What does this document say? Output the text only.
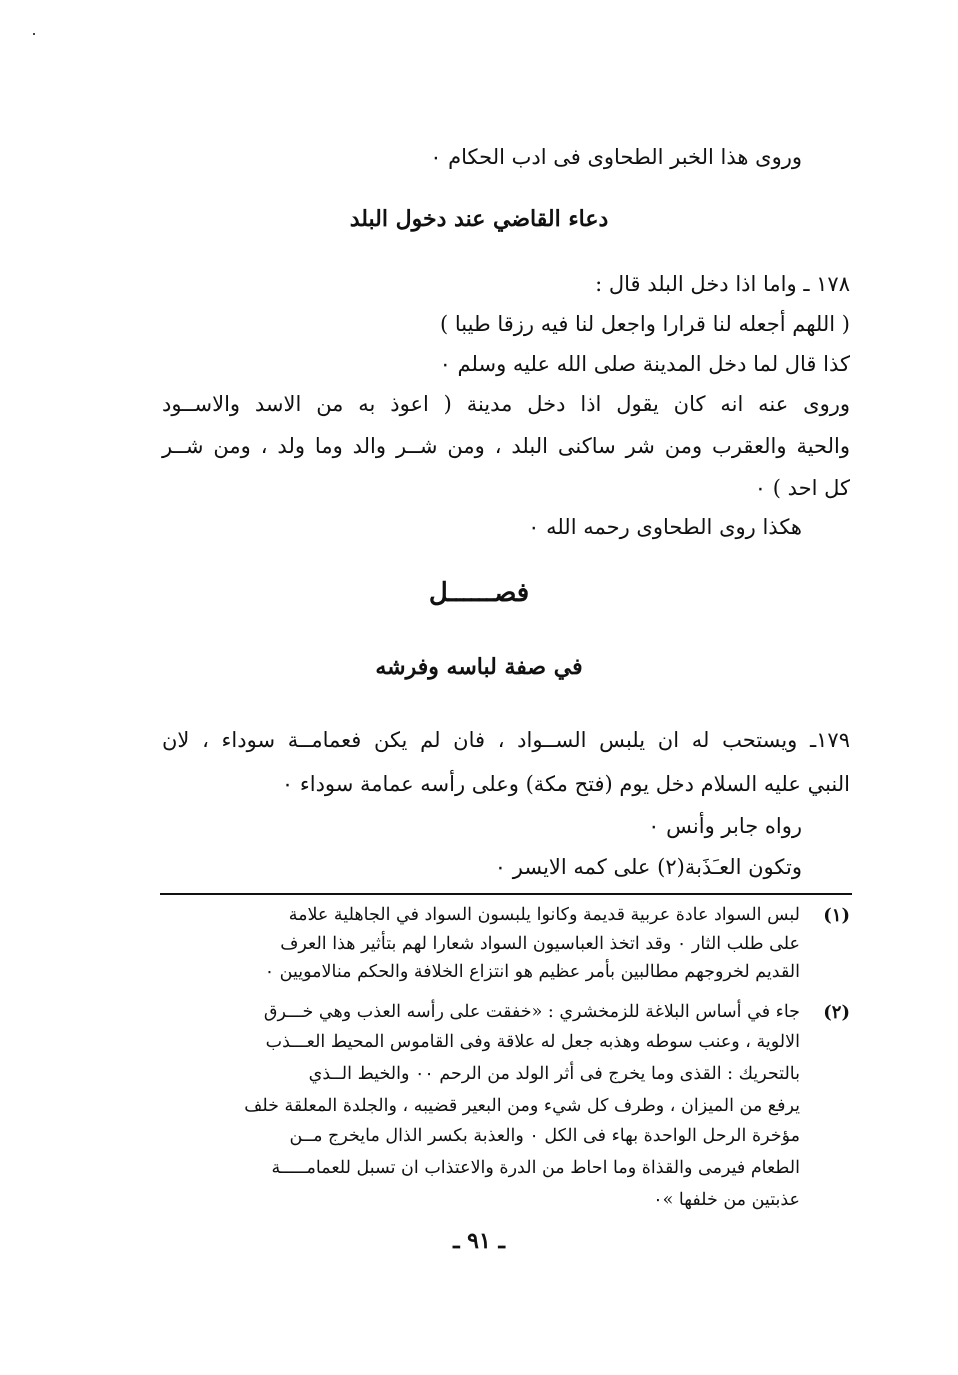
وروى هذا الخبر الطحاوى فى ادب الحكام ٠
دعاء القاضي عند دخول البلد
١٧٨ ـ واما اذا دخل البلد قال :
( اللهم أجعله لنا قرارا واجعل لنا فيه رزقا طيبا )
كذا قال لما دخل المدينة صلى الله عليه وسلم ٠
وروى عنه انه كان يقول اذا دخل مدينة ( اعوذ به من الاسد والاســود
والحية والعقرب ومن شر ساكنى البلد ، ومن شــر والد وما ولد ، ومن شــر
كل احد ) ٠
هكذا روى الطحاوى رحمه الله ٠
فصــــــل
في صفة لباسه وفرشه
١٧٩ـ ويستحب له ان يلبس الســواد ، فان لم يكن فعمامــة سوداء ، لان
النبي عليه السلام دخل يوم (فتح مكة) وعلى رأسه عمامة سوداء ٠
رواه جابر وأنس ٠
وتكون العـَذَبة(٢) على كمه الايسر ٠
(١)
لبس السواد عادة عربية قديمة وكانوا يلبسون السواد في الجاهلية علامة
على طلب الثار ٠ وقد اتخذ العباسيون السواد شعارا لهم بتأثير هذا العرف
القديم لخروجهم مطالبين بأمر عظيم هو انتزاع الخلافة والحكم منالامويين ٠
(٢)
جاء في أساس البلاغة للزمخشري : «خفقت على رأسه العذب وهي خـــرق
الالوية ، وعنب سوطه وهذبه جعل له علاقة وفى القاموس المحيط العـــذب
بالتحريك : القذى وما يخرج فى أثر الولد من الرحم ٠٠ والخيط الــذي
يرفع من الميزان ، وطرف كل شيء ومن البعير قضيبه ، والجلدة المعلقة خلف
مؤخرة الرحل الواحدة بهاء فى الكل ٠ والعذبة بكسر الذال مايخرج مــن
الطعام فيرمى والقذاة وما احاط من الدرة والاعتذاب ان تسبل للعمامـــــة
عذبتين من خلفها »٠
ـ ٩١ ـ
